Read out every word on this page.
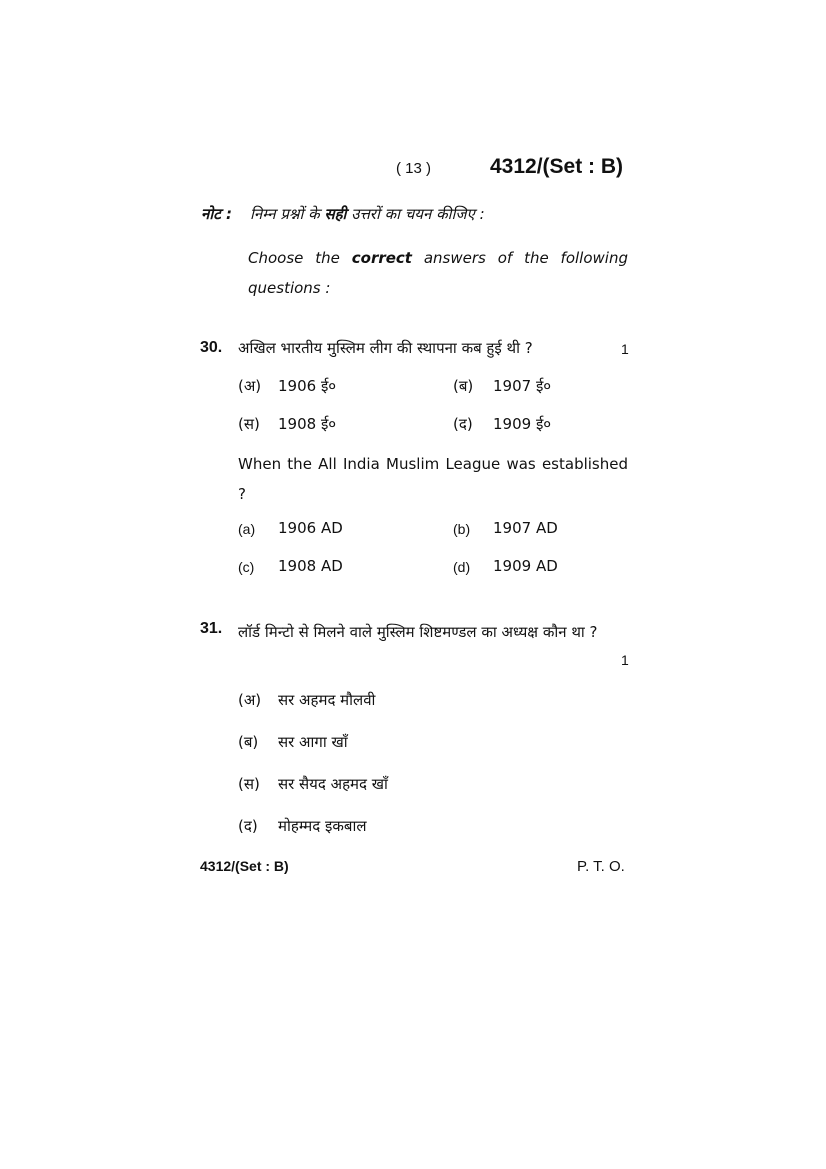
( 13 )	4312/(Set : B)
नोट : निम्न प्रश्नों के सही उत्तरों का चयन कीजिए :
Choose the correct answers of the following questions :
30. अखिल भारतीय मुस्लिम लीग की स्थापना कब हुई थी ?	1
(अ) 1906 ई०	(ब) 1907 ई०
(स) 1908 ई०	(द) 1909 ई०
When the All India Muslim League was established ?
(a) 1906 AD	(b) 1907 AD
(c) 1908 AD	(d) 1909 AD
31. लॉर्ड मिन्टो से मिलने वाले मुस्लिम शिष्टमण्डल का अध्यक्ष कौन था ?
1
(अ) सर अहमद मौलवी
(ब) सर आगा खाँ
(स) सर सैयद अहमद खाँ
(द) मोहम्मद इकबाल
4312/(Set : B)	P. T. O.
